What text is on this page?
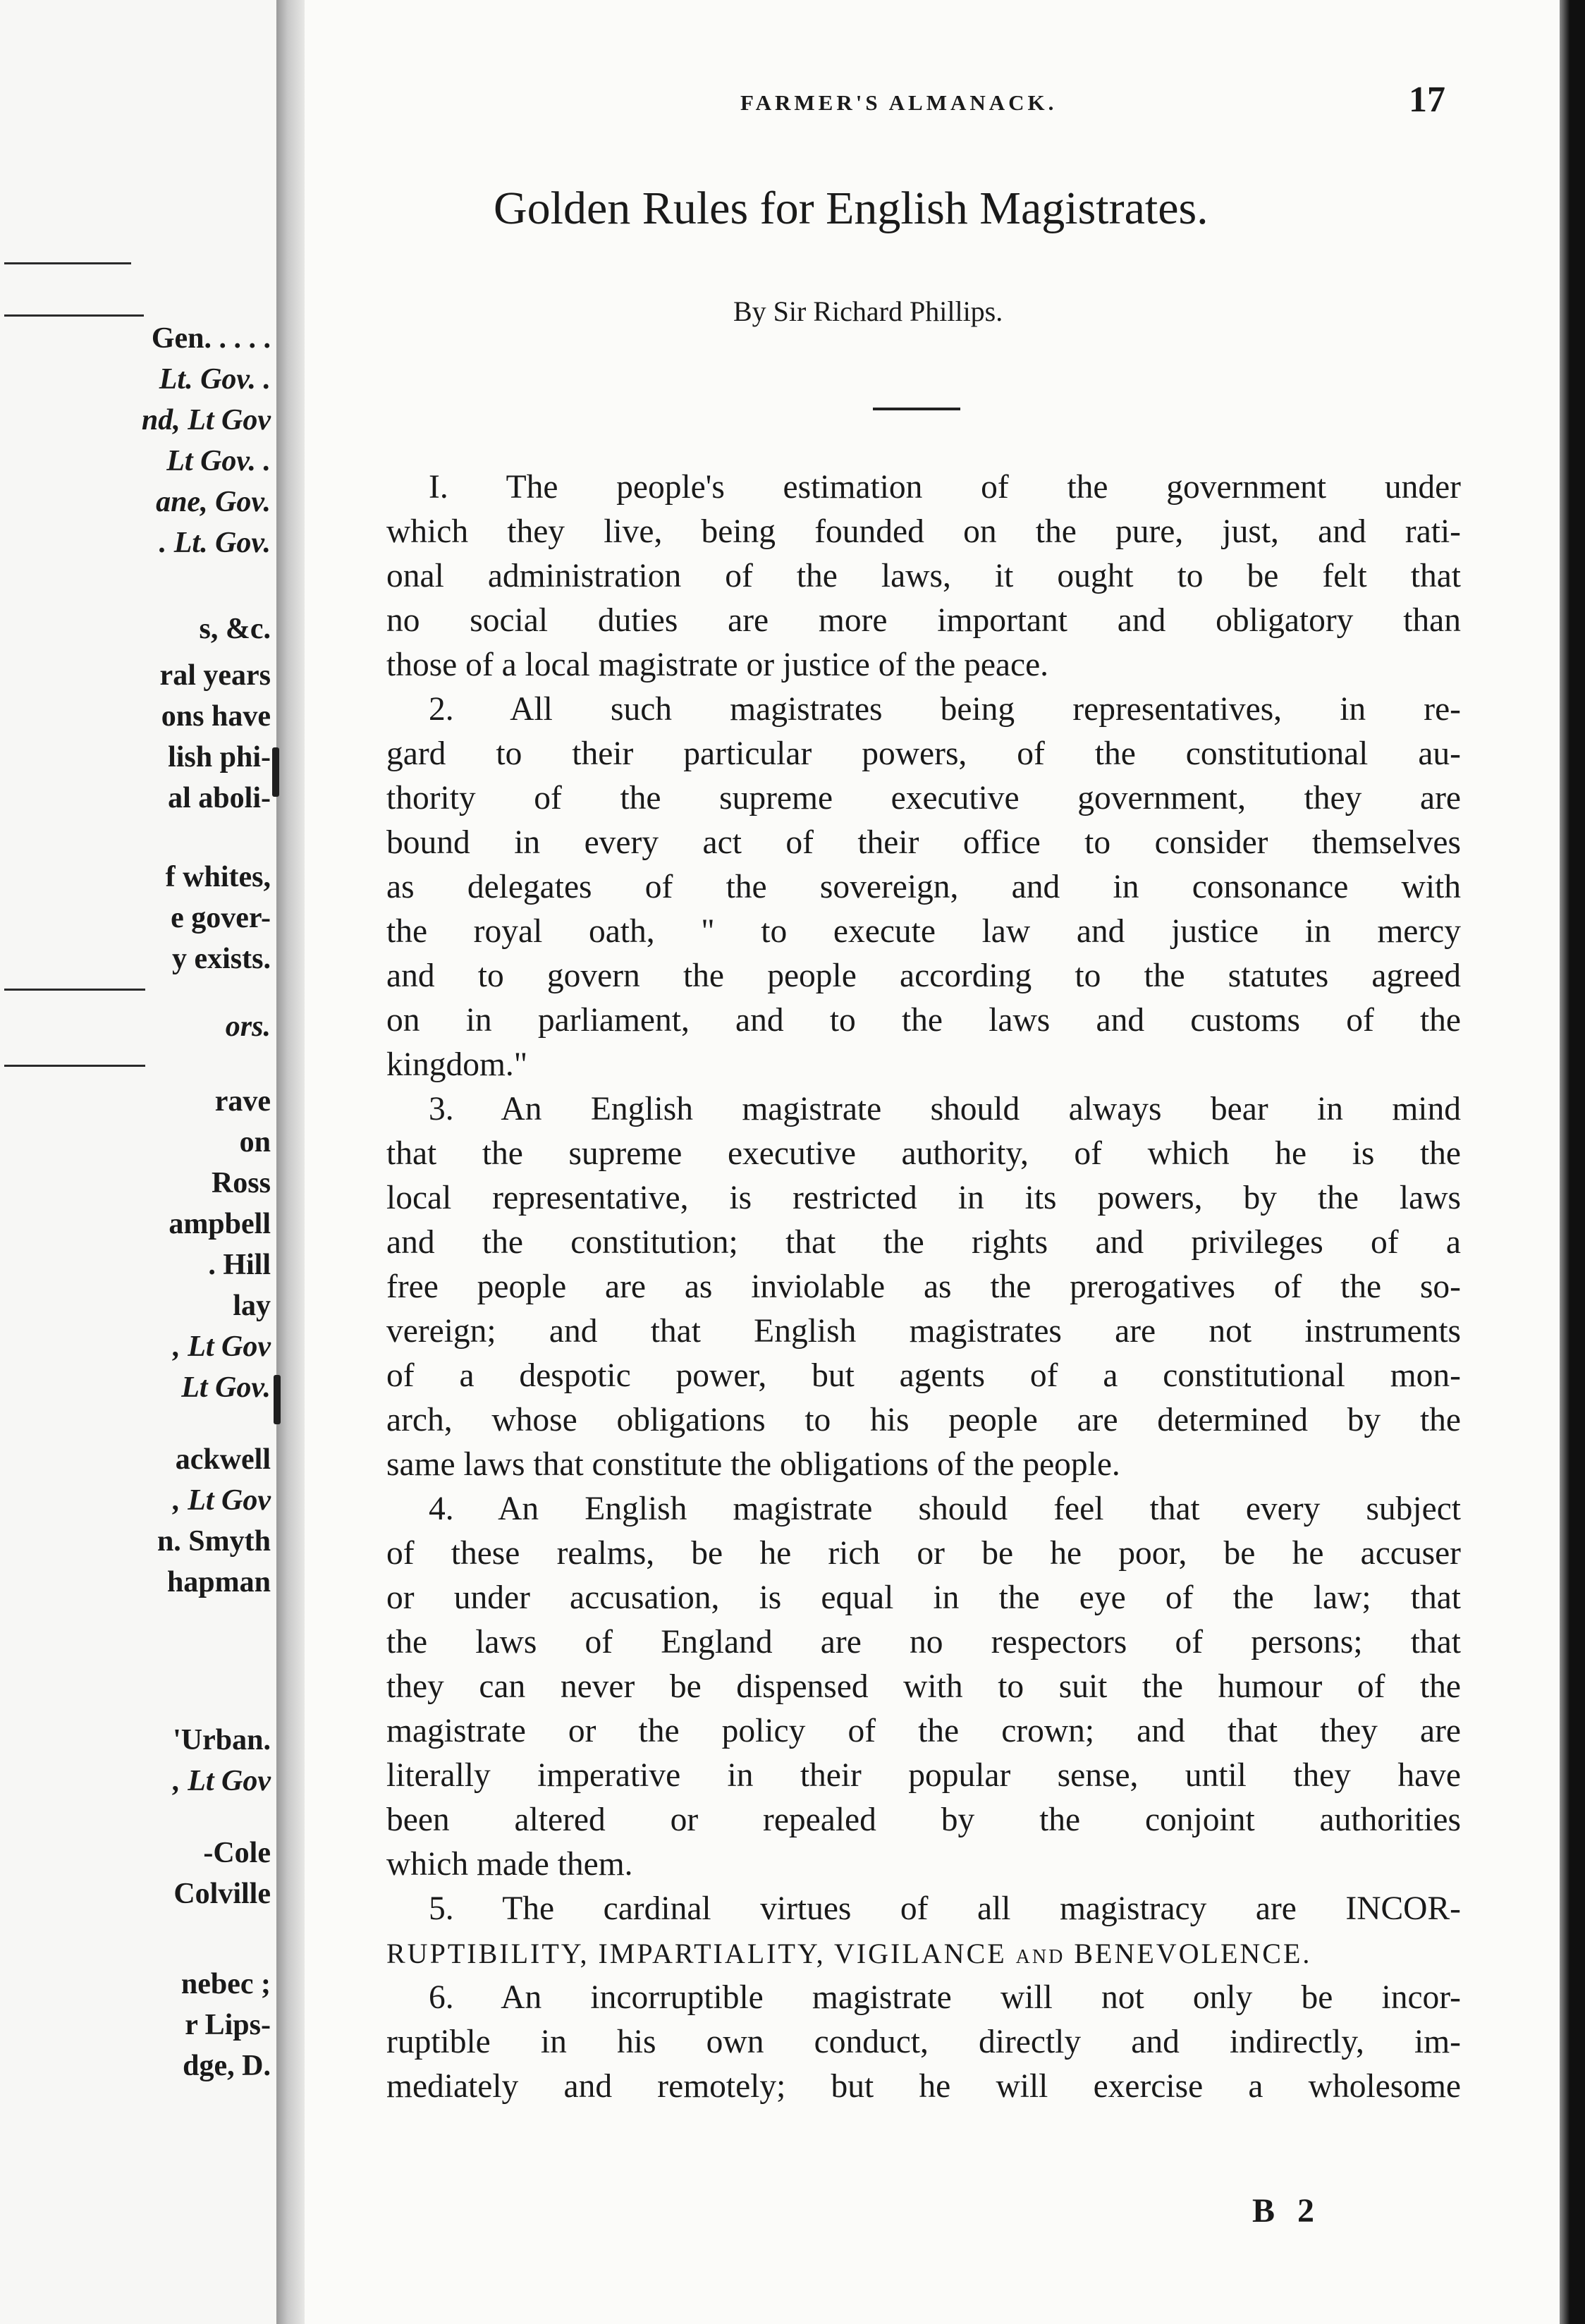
Gen. . . . .
Lt. Gov. .
nd, Lt Gov
Lt Gov. .
ane, Gov.
. Lt. Gov.
s, &c.
ral years
ons have
lish phi-
al aboli-
f whites,
e gover-
y exists.
ors.
rave
on
Ross
ampbell
. Hill
lay
, Lt Gov
Lt Gov.
ackwell
, Lt Gov
n. Smyth
hapman
'Urban.
, Lt Gov
-Cole
Colville
nebec ;
r Lips-
dge, D.
FARMER'S ALMANACK.	17
Golden Rules for English Magistrates.
By Sir Richard Phillips.
I. The people's estimation of the government under
which they live, being founded on the pure, just, and rati-
onal administration of the laws, it ought to be felt that
no social duties are more important and obligatory than
those of a local magistrate or justice of the peace.
2. All such magistrates being representatives, in re-
gard to their particular powers, of the constitutional au-
thority of the supreme executive government, they are
bound in every act of their office to consider themselves
as delegates of the sovereign, and in consonance with
the royal oath, " to execute law and justice in mercy
and to govern the people according to the statutes agreed
on in parliament, and to the laws and customs of the
kingdom."
3. An English magistrate should always bear in mind
that the supreme executive authority, of which he is the
local representative, is restricted in its powers, by the laws
and the constitution; that the rights and privileges of a
free people are as inviolable as the prerogatives of the so-
vereign; and that English magistrates are not instruments
of a despotic power, but agents of a constitutional mon-
arch, whose obligations to his people are determined by the
same laws that constitute the obligations of the people.
4. An English magistrate should feel that every subject
of these realms, be he rich or be he poor, be he accuser
or under accusation, is equal in the eye of the law; that
the laws of England are no respectors of persons; that
they can never be dispensed with to suit the humour of the
magistrate or the policy of the crown; and that they are
literally imperative in their popular sense, until they have
been altered or repealed by the conjoint authorities
which made them.
5. The cardinal virtues of all magistracy are INCOR-
RUPTIBILITY, IMPARTIALITY, VIGILANCE and BENEVOLENCE.
6. An incorruptible magistrate will not only be incor-
ruptible in his own conduct, directly and indirectly, im-
mediately and remotely; but he will exercise a wholesome
B 2
